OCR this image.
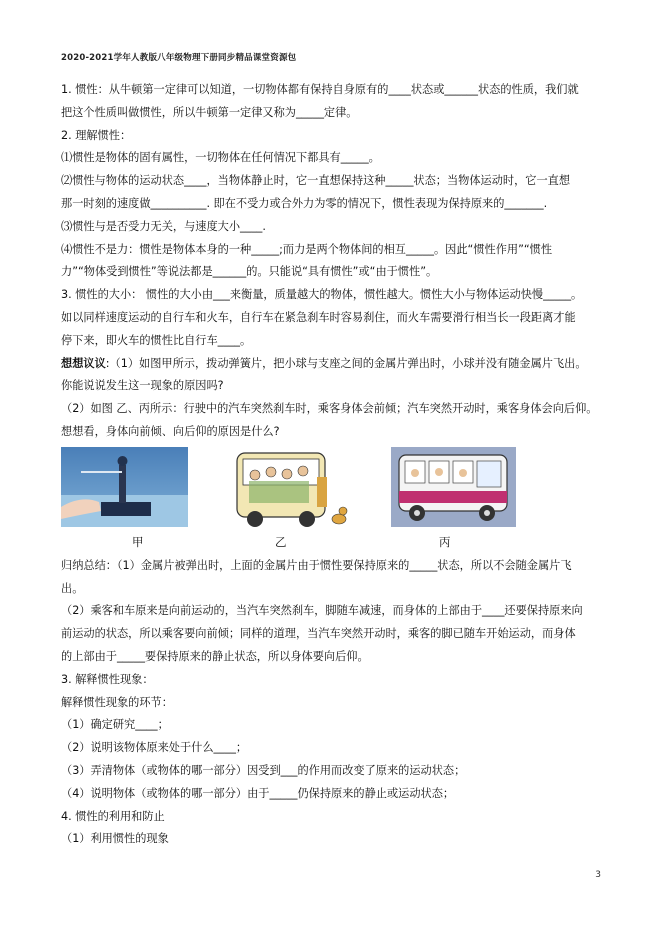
2020-2021学年人教版八年级物理下册同步精品课堂资源包

1. 惯性：从牛顿第一定律可以知道，一切物体都有保持自身原有的____状态或______状态的性质，我们就

把这个性质叫做惯性，所以牛顿第一定律又称为_____定律。

2. 理解惯性：

⑴惯性是物体的固有属性，一切物体在任何情况下都具有_____。

⑵惯性与物体的运动状态____，当物体静止时，它一直想保持这种_____状态；当物体运动时，它一直想

那一时刻的速度做__________. 即在不受力或合外力为零的情况下，惯性表现为保持原来的_______.

⑶惯性与是否受力无关，与速度大小____.

⑷惯性不是力：惯性是物体本身的一种_____;而力是两个物体间的相互_____。因此“惯性作用”“惯性

力”“物体受到惯性”等说法都是______的。只能说“具有惯性”或“由于惯性”。

3. 惯性的大小： 惯性的大小由___来衡量，质量越大的物体，惯性越大。惯性大小与物体运动快慢_____。

如以同样速度运动的自行车和火车，自行车在紧急刹车时容易刹住，而火车需要滑行相当长一段距离才能

停下来，即火车的惯性比自行车____。

想想议议:（1）如图甲所示，拨动弹簧片，把小球与支座之间的金属片弹出时，小球并没有随金属片飞出。

你能说说发生这一现象的原因吗?

（2）如图 乙、丙所示：行驶中的汽车突然刹车时，乘客身体会前倾；汽车突然开动时，乘客身体会向后仰。

想想看，身体向前倾、向后仰的原因是什么?

甲	乙	丙

归纳总结：（1）金属片被弹出时，上面的金属片由于惯性要保持原来的_____状态，所以不会随金属片飞

出。

（2）乘客和车原来是向前运动的，当汽车突然刹车，脚随车减速，而身体的上部由于____还要保持原来向

前运动的状态，所以乘客要向前倾；同样的道理，当汽车突然开动时，乘客的脚已随车开始运动，而身体

的上部由于_____要保持原来的静止状态，所以身体要向后仰。

3. 解释惯性现象：

解释惯性现象的环节：

（1）确定研究____；

（2）说明该物体原来处于什么____；

（3）弄清物体（或物体的哪一部分）因受到___的作用而改变了原来的运动状态；

（4）说明物体（或物体的哪一部分）由于_____仍保持原来的静止或运动状态；

4. 惯性的利用和防止

（1）利用惯性的现象

3
